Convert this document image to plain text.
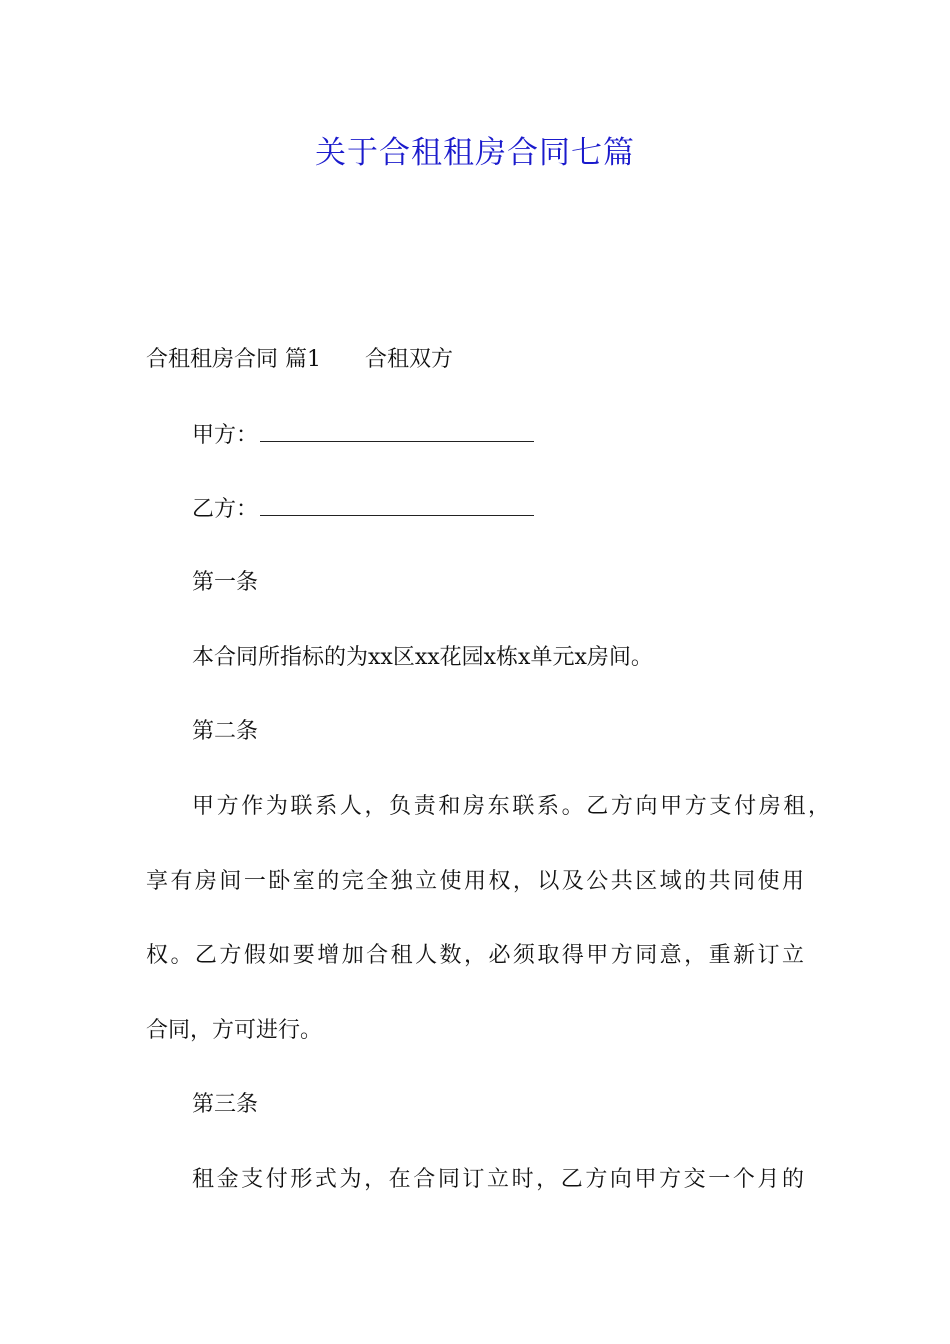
关于合租租房合同七篇
合租租房合同 篇1 合租双方
甲方：
乙方：
第一条
本合同所指标的为xx区xx花园x栋x单元x房间。
第二条
甲方作为联系人，负责和房东联系。乙方向甲方支付房租，
享有房间一卧室的完全独立使用权，以及公共区域的共同使用
权。乙方假如要增加合租人数，必须取得甲方同意，重新订立
合同，方可进行。
第三条
租金支付形式为，在合同订立时，乙方向甲方交一个月的
